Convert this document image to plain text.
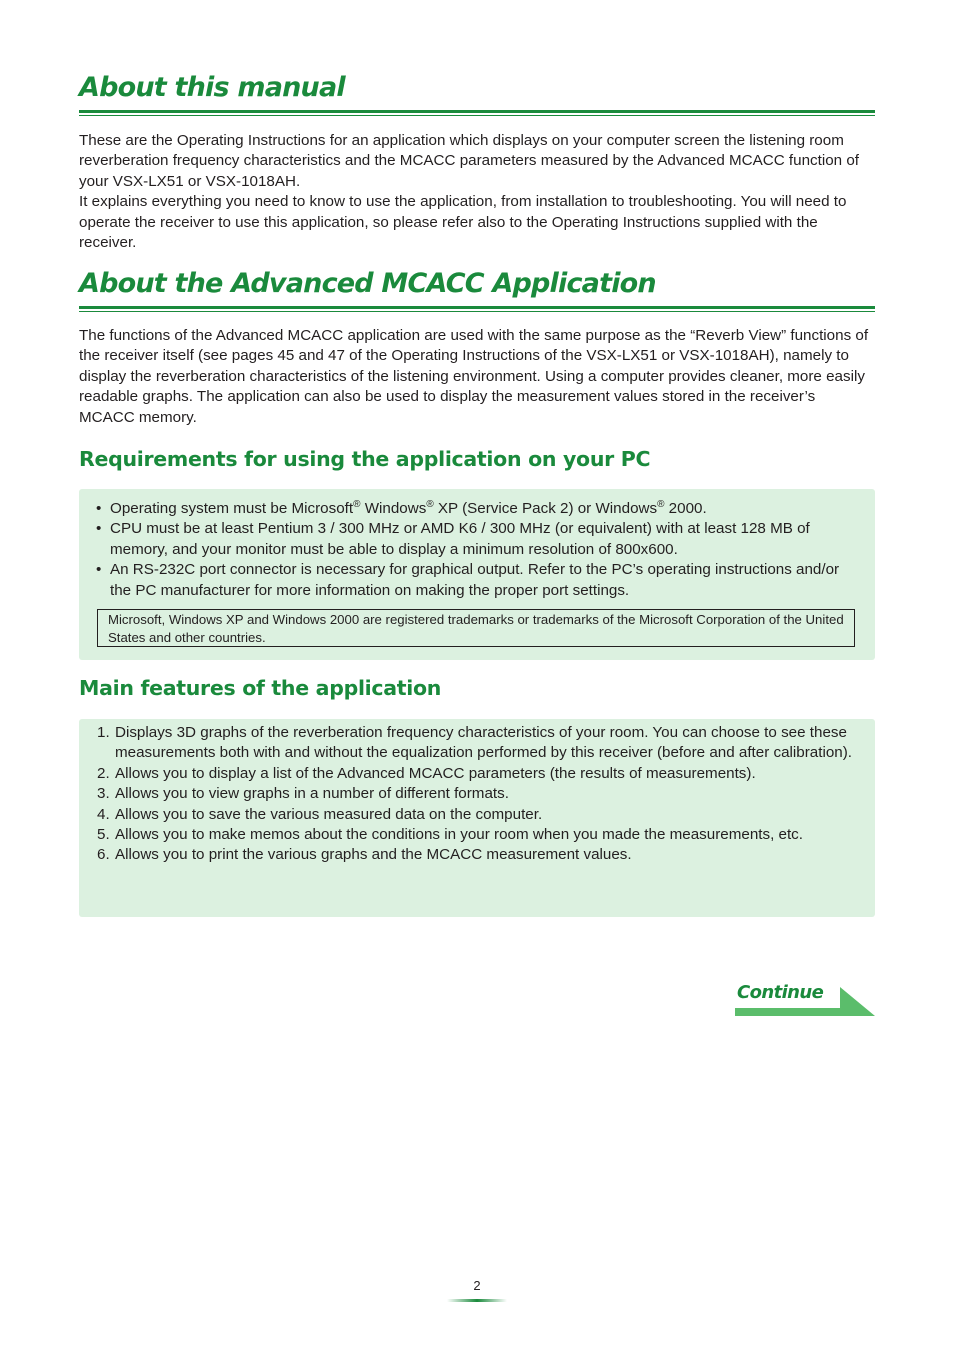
About this manual

These are the Operating Instructions for an application which displays on your computer screen the listening room reverberation frequency characteristics and the MCACC parameters measured by the Advanced MCACC function of your VSX-LX51 or VSX-1018AH.

It explains everything you need to know to use the application, from installation to troubleshooting. You will need to operate the receiver to use this application, so please refer also to the Operating Instructions supplied with the receiver.

About the Advanced MCACC Application

The functions of the Advanced MCACC application are used with the same purpose as the “Reverb View” functions of the receiver itself (see pages 45 and 47 of the Operating Instructions of the VSX-LX51 or VSX-1018AH), namely to display the reverberation characteristics of the listening environment. Using a computer provides cleaner, more easily readable graphs. The application can also be used to display the measurement values stored in the receiver’s MCACC memory.

Requirements for using the application on your PC
• Operating system must be Microsoft® Windows® XP (Service Pack 2) or Windows® 2000.
• CPU must be at least Pentium 3 / 300 MHz or AMD K6 / 300 MHz (or equivalent) with at least 128 MB of memory, and your monitor must be able to display a minimum resolution of 800x600.
• An RS-232C port connector is necessary for graphical output. Refer to the PC’s operating instructions and/or the PC manufacturer for more information on making the proper port settings.
Microsoft, Windows XP and Windows 2000 are registered trademarks or trademarks of the Microsoft Corporation of the United States and other countries.
Main features of the application
1. Displays 3D graphs of the reverberation frequency characteristics of your room. You can choose to see these measurements both with and without the equalization performed by this receiver (before and after calibration).
2. Allows you to display a list of the Advanced MCACC parameters (the results of measurements).
3. Allows you to view graphs in a number of different formats.
4. Allows you to save the various measured data on the computer.
5. Allows you to make memos about the conditions in your room when you made the measurements, etc.
6. Allows you to print the various graphs and the MCACC measurement values.
Continue
2
